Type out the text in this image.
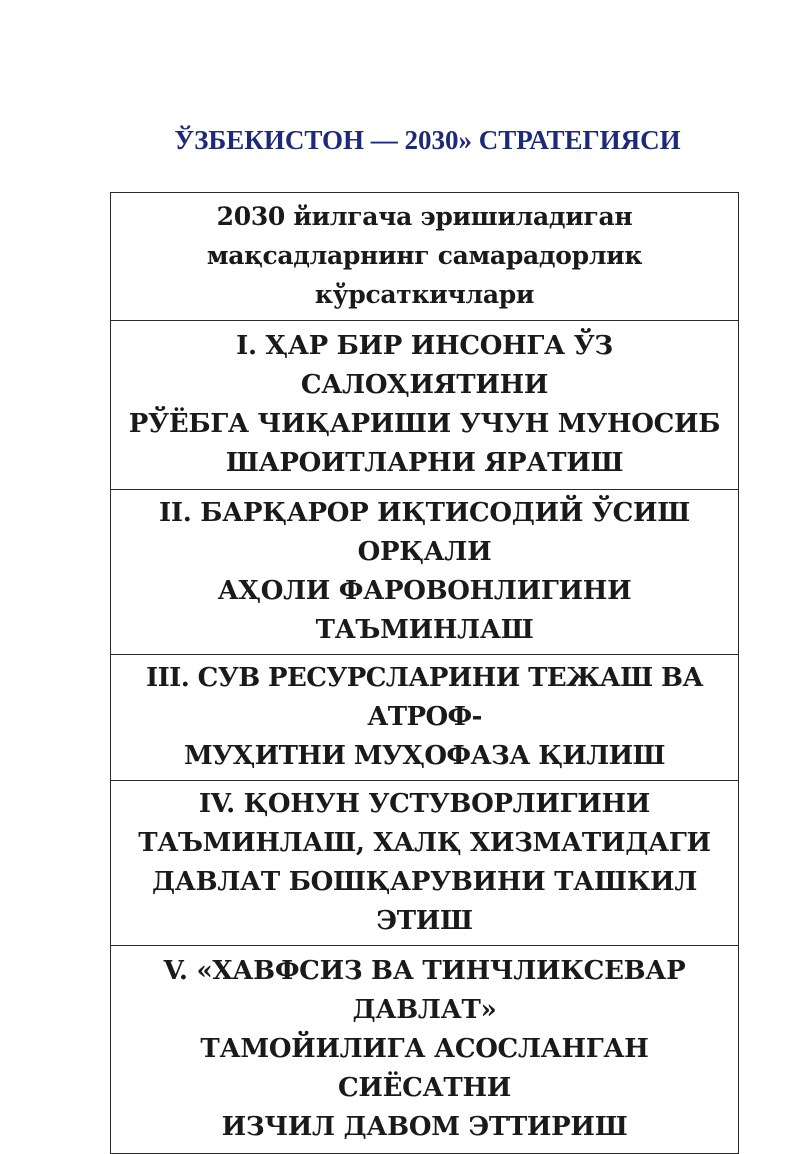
ЎЗБЕКИСТОН — 2030» СТРАТЕГИЯСИ
2030 йилгача эришиладиган
мақсадларнинг самарадорлик
кўрсаткичлари
I. ҲАР БИР ИНСОНГА ЎЗ САЛОҲИЯТИНИ
РЎЁБГА ЧИҚАРИШИ УЧУН МУНОСИБ
ШАРОИТЛАРНИ ЯРАТИШ
II. БАРҚАРОР ИҚТИСОДИЙ ЎСИШ ОРҚАЛИ
АҲОЛИ ФАРОВОНЛИГИНИ ТАЪМИНЛАШ
III. СУВ РЕСУРСЛАРИНИ ТЕЖАШ ВА АТРОФ-
МУҲИТНИ МУҲОФАЗА ҚИЛИШ
IV. ҚОНУН УСТУВОРЛИГИНИ
ТАЪМИНЛАШ, ХАЛҚ ХИЗМАТИДАГИ
ДАВЛАТ БОШҚАРУВИНИ ТАШКИЛ ЭТИШ
V. «ХАВФСИЗ ВА ТИНЧЛИКСЕВАР ДАВЛАТ»
ТАМОЙИЛИГА АСОСЛАНГАН СИЁСАТНИ
ИЗЧИЛ ДАВОМ ЭТТИРИШ
